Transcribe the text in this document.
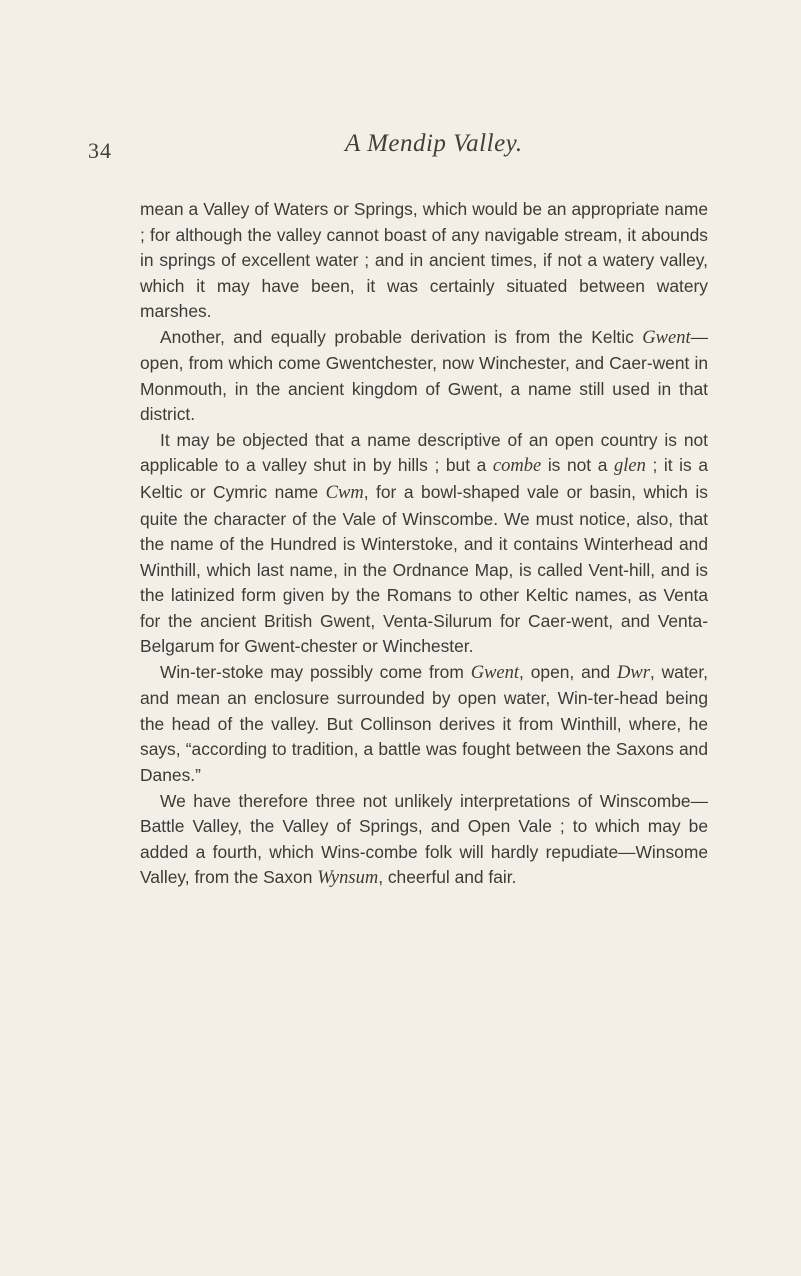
34	A Mendip Valley.

mean a Valley of Waters or Springs, which would be an appropriate name ; for although the valley cannot boast of any navigable stream, it abounds in springs of excellent water ; and in ancient times, if not a watery valley, which it may have been, it was certainly situated between watery marshes.

Another, and equally probable derivation is from the Keltic Gwent—open, from which come Gwentchester, now Winchester, and Caer-went in Monmouth, in the ancient kingdom of Gwent, a name still used in that district.

It may be objected that a name descriptive of an open country is not applicable to a valley shut in by hills ; but a combe is not a glen ; it is a Keltic or Cymric name Cwm, for a bowl-shaped vale or basin, which is quite the character of the Vale of Winscombe. We must notice, also, that the name of the Hundred is Winterstoke, and it contains Winterhead and Winthill, which last name, in the Ordnance Map, is called Vent-hill, and is the latinized form given by the Romans to other Keltic names, as Venta for the ancient British Gwent, Venta-Silurum for Caer-went, and Venta-Belgarum for Gwent-chester or Winchester.

Win-ter-stoke may possibly come from Gwent, open, and Dwr, water, and mean an enclosure surrounded by open water, Win-ter-head being the head of the valley. But Collinson derives it from Winthill, where, he says, “according to tradition, a battle was fought between the Saxons and Danes.”

We have therefore three not unlikely interpretations of Winscombe—Battle Valley, the Valley of Springs, and Open Vale ; to which may be added a fourth, which Wins-combe folk will hardly repudiate—Winsome Valley, from the Saxon Wynsum, cheerful and fair.
